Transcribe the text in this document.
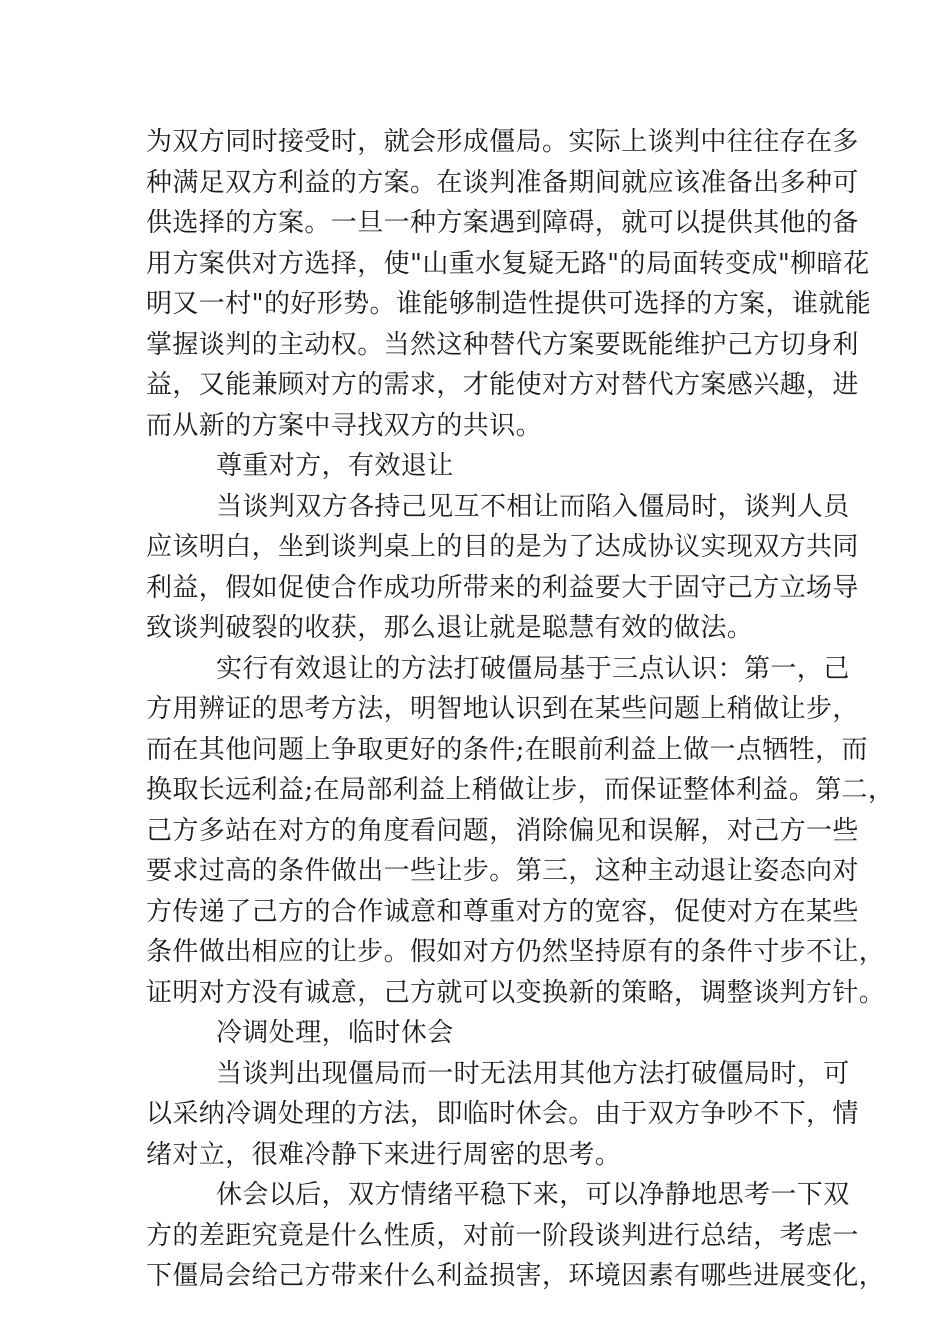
为双方同时接受时，就会形成僵局。实际上谈判中往往存在多
种满足双方利益的方案。在谈判准备期间就应该准备出多种可
供选择的方案。一旦一种方案遇到障碍，就可以提供其他的备
用方案供对方选择，使"山重水复疑无路"的局面转变成"柳暗花
明又一村"的好形势。谁能够制造性提供可选择的方案，谁就能
掌握谈判的主动权。当然这种替代方案要既能维护己方切身利
益，又能兼顾对方的需求，才能使对方对替代方案感兴趣，进
而从新的方案中寻找双方的共识。
尊重对方，有效退让
当谈判双方各持己见互不相让而陷入僵局时，谈判人员
应该明白，坐到谈判桌上的目的是为了达成协议实现双方共同
利益，假如促使合作成功所带来的利益要大于固守己方立场导
致谈判破裂的收获，那么退让就是聪慧有效的做法。
实行有效退让的方法打破僵局基于三点认识：第一，己
方用辨证的思考方法，明智地认识到在某些问题上稍做让步，
而在其他问题上争取更好的条件;在眼前利益上做一点牺牲，而
换取长远利益;在局部利益上稍做让步，而保证整体利益。第二，
己方多站在对方的角度看问题，消除偏见和误解，对己方一些
要求过高的条件做出一些让步。第三，这种主动退让姿态向对
方传递了己方的合作诚意和尊重对方的宽容，促使对方在某些
条件做出相应的让步。假如对方仍然坚持原有的条件寸步不让，
证明对方没有诚意，己方就可以变换新的策略，调整谈判方针。
冷调处理，临时休会
当谈判出现僵局而一时无法用其他方法打破僵局时，可
以采纳冷调处理的方法，即临时休会。由于双方争吵不下，情
绪对立，很难冷静下来进行周密的思考。
休会以后，双方情绪平稳下来，可以净静地思考一下双
方的差距究竟是什么性质，对前一阶段谈判进行总结，考虑一
下僵局会给己方带来什么利益损害，环境因素有哪些进展变化，
